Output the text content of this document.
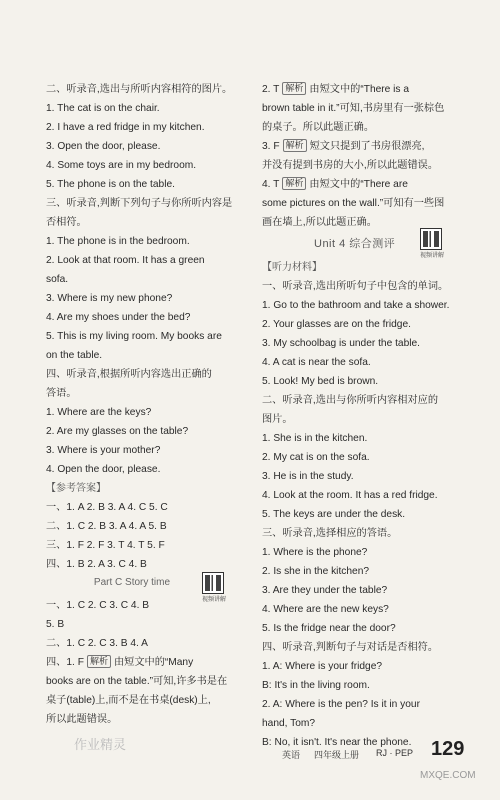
二、听录音,选出与所听内容相符的图片。
1. The cat is on the chair.
2. I have a red fridge in my kitchen.
3. Open the door, please.
4. Some toys are in my bedroom.
5. The phone is on the table.
三、听录音,判断下列句子与你所听内容是
否相符。
1. The phone is in the bedroom.
2. Look at that room. It has a green
sofa.
3. Where is my new phone?
4. Are my shoes under the bed?
5. This is my living room. My books are
on the table.
四、听录音,根据所听内容选出正确的
答语。
1. Where are the keys?
2. Are my glasses on the table?
3. Where is your mother?
4. Open the door, please.
【参考答案】
一、1. A 2. B 3. A 4. C 5. C
二、1. C 2. B 3. A 4. A 5. B
三、1. F 2. F 3. T 4. T 5. F
四、1. B 2. A 3. C 4. B
Part C Story time
视频讲解
一、1. C 2. C 3. C 4. B
5. B
二、1. C 2. C 3. B 4. A
四、1. F 解析 由短文中的“Many
books are on the table.”可知,许多书是在
桌子(table)上,而不是在书桌(desk)上,
所以此题错误。
作业精灵
2. T 解析 由短文中的“There is a
brown table in it.”可知,书房里有一张棕色
的桌子。所以此题正确。
3. F 解析 短文只提到了书房很漂亮,
并没有提到书房的大小,所以此题错误。
4. T 解析 由短文中的“There are
some pictures on the wall.”可知有一些图
画在墙上,所以此题正确。
Unit 4 综合测评
视频讲解
【听力材料】
一、听录音,选出所听句子中包含的单词。
1. Go to the bathroom and take a shower.
2. Your glasses are on the fridge.
3. My schoolbag is under the table.
4. A cat is near the sofa.
5. Look! My bed is brown.
二、听录音,选出与你所听内容相对应的
图片。
1. She is in the kitchen.
2. My cat is on the sofa.
3. He is in the study.
4. Look at the room. It has a red fridge.
5. The keys are under the desk.
三、听录音,选择相应的答语。
1. Where is the phone?
2. Is she in the kitchen?
3. Are they under the table?
4. Where are the new keys?
5. Is the fridge near the door?
四、听录音,判断句子与对话是否相符。
1. A: Where is your fridge?
B: It's in the living room.
2. A: Where is the pen? Is it in your
hand, Tom?
B: No, it isn't. It's near the phone.
英语 四年级上册 RJ · PEP 129
MXQE.COM
